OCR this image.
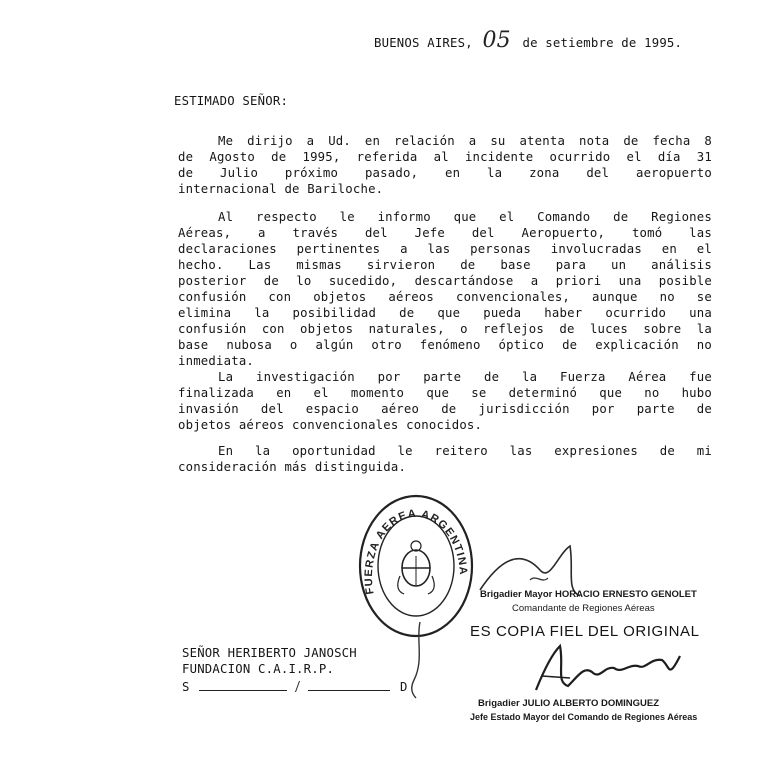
BUENOS AIRES, 05 de setiembre de 1995.
ESTIMADO SEÑOR:
Me dirijo a Ud. en relación a su atenta nota de fecha 8
de Agosto de 1995, referida al incidente ocurrido el día 31
de Julio próximo pasado, en la zona del aeropuerto
internacional de Bariloche.
Al respecto le informo que el Comando de Regiones
Aéreas, a través del Jefe del Aeropuerto, tomó las
declaraciones pertinentes a las personas involucradas en el
hecho. Las mismas sirvieron de base para un análisis
posterior de lo sucedido, descartándose a priori una posible
confusión con objetos aéreos convencionales, aunque no se
elimina la posibilidad de que pueda haber ocurrido una
confusión con objetos naturales, o reflejos de luces sobre la
base nubosa o algún otro fenómeno óptico de explicación no
inmediata.
La investigación por parte de la Fuerza Aérea fue
finalizada en el momento que se determinó que no hubo
invasión del espacio aéreo de jurisdicción por parte de
objetos aéreos convencionales conocidos.
En la oportunidad le reitero las expresiones de mi
consideración más distinguida.
FUERZA AEREA ARGENTINA
Brigadier Mayor HORACIO ERNESTO GENOLET
Comandante de Regiones Aéreas
ES COPIA FIEL DEL ORIGINAL
Brigadier JULIO ALBERTO DOMINGUEZ
Jefe Estado Mayor del Comando de Regiones Aéreas
SEÑOR HERIBERTO JANOSCH
FUNDACION C.A.I.R.P.
S	D
